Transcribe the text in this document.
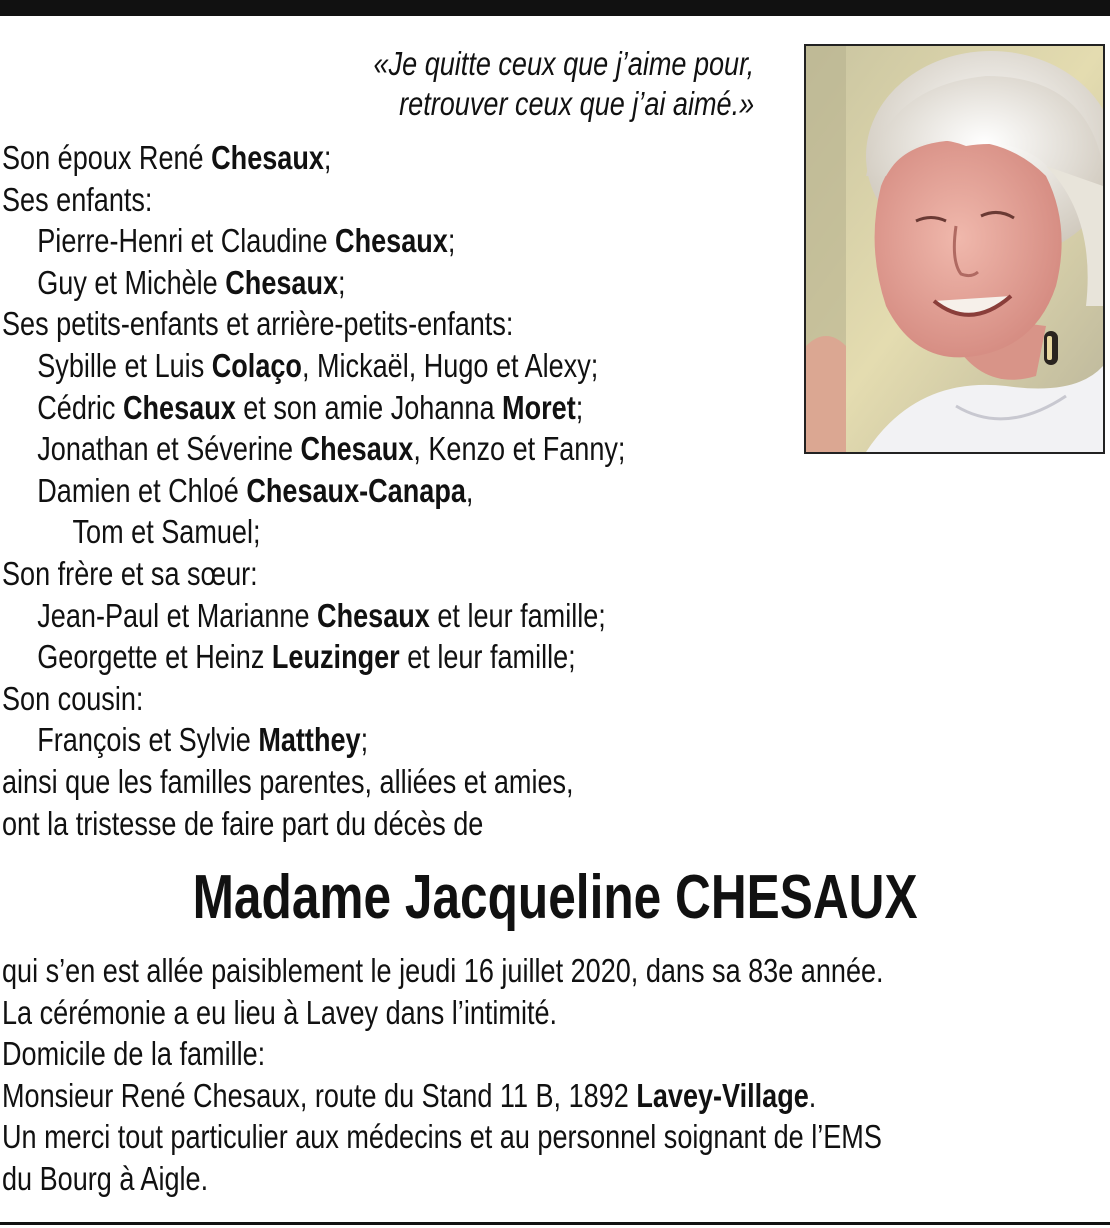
«Je quitte ceux que j’aime pour,
retrouver ceux que j’ai aimé.»
Son époux René Chesaux;
Ses enfants:
Pierre-Henri et Claudine Chesaux;
Guy et Michèle Chesaux;
Ses petits-enfants et arrière-petits-enfants:
Sybille et Luis Colaço, Mickaël, Hugo et Alexy;
Cédric Chesaux et son amie Johanna Moret;
Jonathan et Séverine Chesaux, Kenzo et Fanny;
Damien et Chloé Chesaux-Canapa,
Tom et Samuel;
Son frère et sa sœur:
Jean-Paul et Marianne Chesaux et leur famille;
Georgette et Heinz Leuzinger et leur famille;
Son cousin:
François et Sylvie Matthey;
ainsi que les familles parentes, alliées et amies,
ont la tristesse de faire part du décès de
Madame Jacqueline CHESAUX
qui s’en est allée paisiblement le jeudi 16 juillet 2020, dans sa 83e année.
La cérémonie a eu lieu à Lavey dans l’intimité.
Domicile de la famille:
Monsieur René Chesaux, route du Stand 11 B, 1892 Lavey-Village.
Un merci tout particulier aux médecins et au personnel soignant de l’EMS
du Bourg à Aigle.
